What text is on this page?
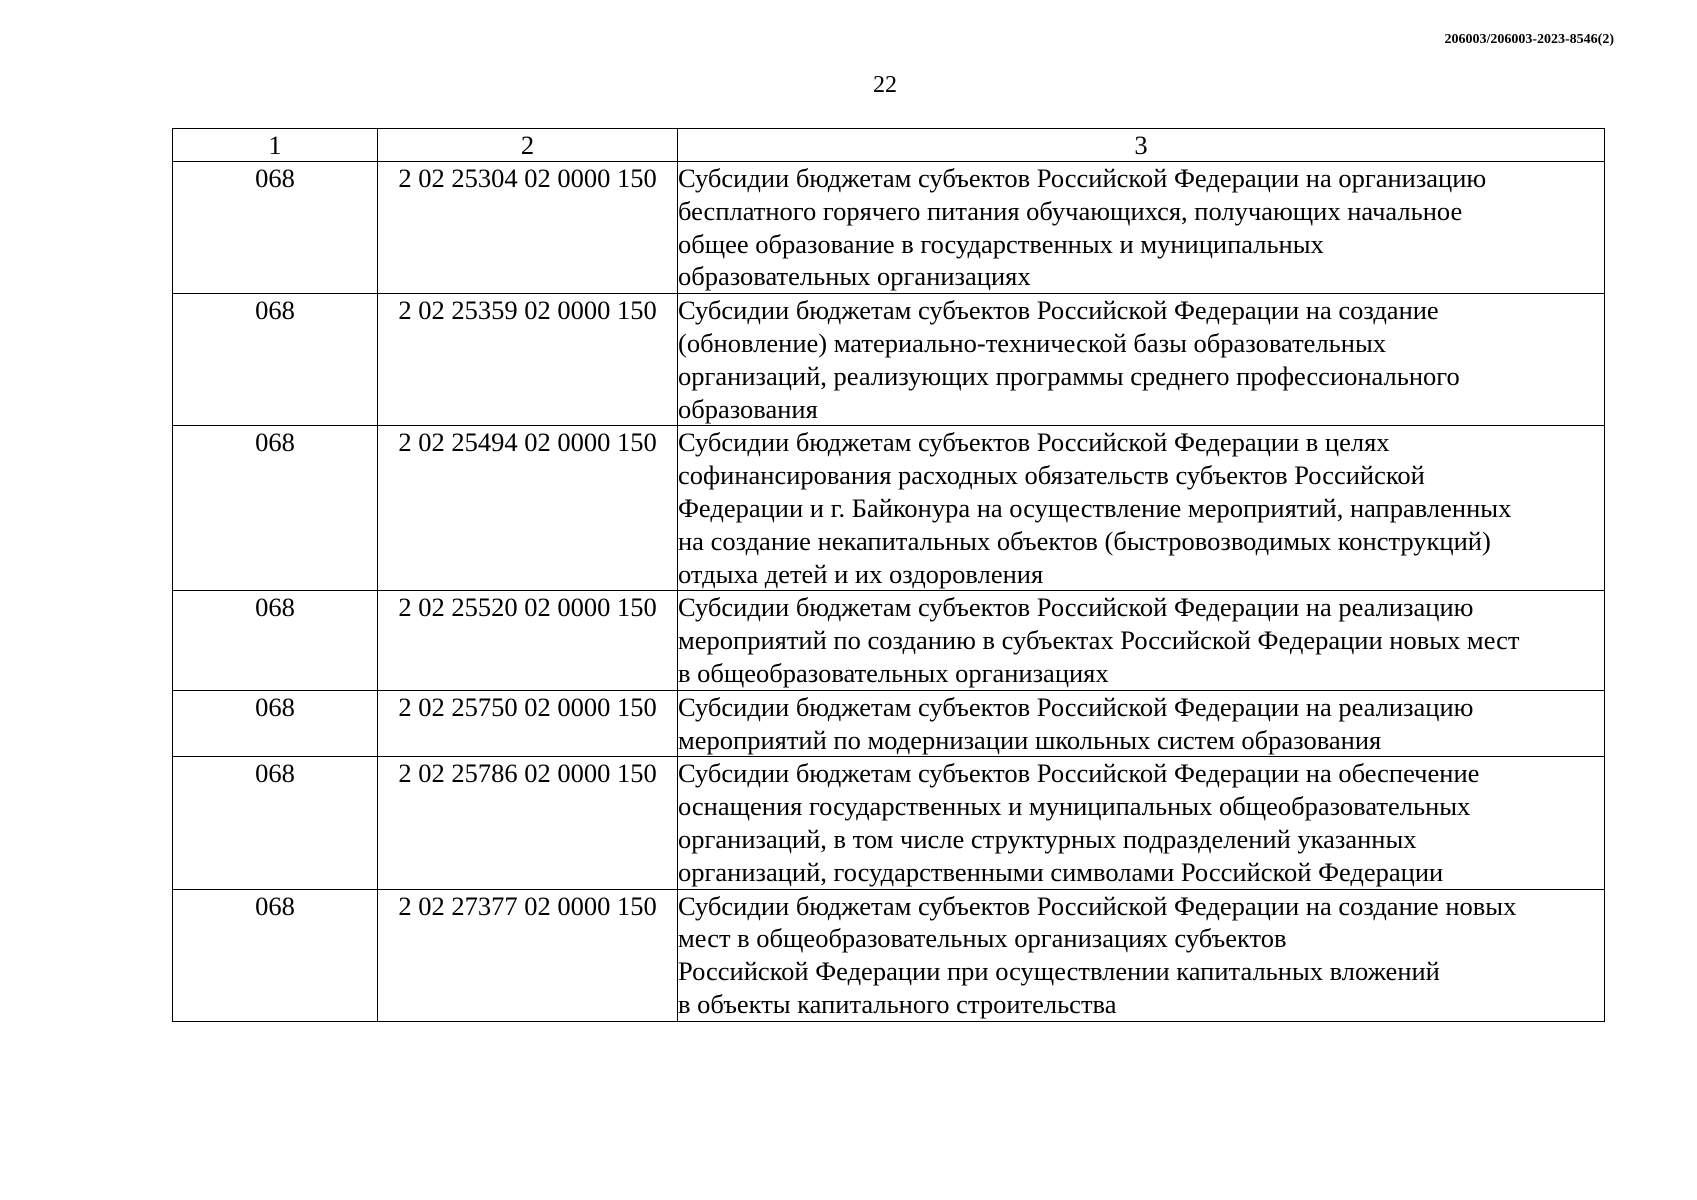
206003/206003-2023-8546(2)
22
1	2	3
068	2 02 25304 02 0000 150	Субсидии бюджетам субъектов Российской Федерации на организацию
бесплатного горячего питания обучающихся, получающих начальное
общее образование в государственных и муниципальных
образовательных организациях

068	2 02 25359 02 0000 150	Субсидии бюджетам субъектов Российской Федерации на создание
(обновление) материально-технической базы образовательных
организаций, реализующих программы среднего профессионального
образования

068	2 02 25494 02 0000 150	Субсидии бюджетам субъектов Российской Федерации в целях
софинансирования расходных обязательств субъектов Российской
Федерации и г. Байконура на осуществление мероприятий, направленных
на создание некапитальных объектов (быстровозводимых конструкций)
отдыха детей и их оздоровления

068	2 02 25520 02 0000 150	Субсидии бюджетам субъектов Российской Федерации на реализацию
мероприятий по созданию в субъектах Российской Федерации новых мест
в общеобразовательных организациях

068	2 02 25750 02 0000 150	Субсидии бюджетам субъектов Российской Федерации на реализацию
мероприятий по модернизации школьных систем образования

068	2 02 25786 02 0000 150	Субсидии бюджетам субъектов Российской Федерации на обеспечение
оснащения государственных и муниципальных общеобразовательных
организаций, в том числе структурных подразделений указанных
организаций, государственными символами Российской Федерации

068	2 02 27377 02 0000 150	Субсидии бюджетам субъектов Российской Федерации на создание новых
мест в общеобразовательных организациях субъектов
Российской Федерации при осуществлении капитальных вложений
в объекты капитального строительства
